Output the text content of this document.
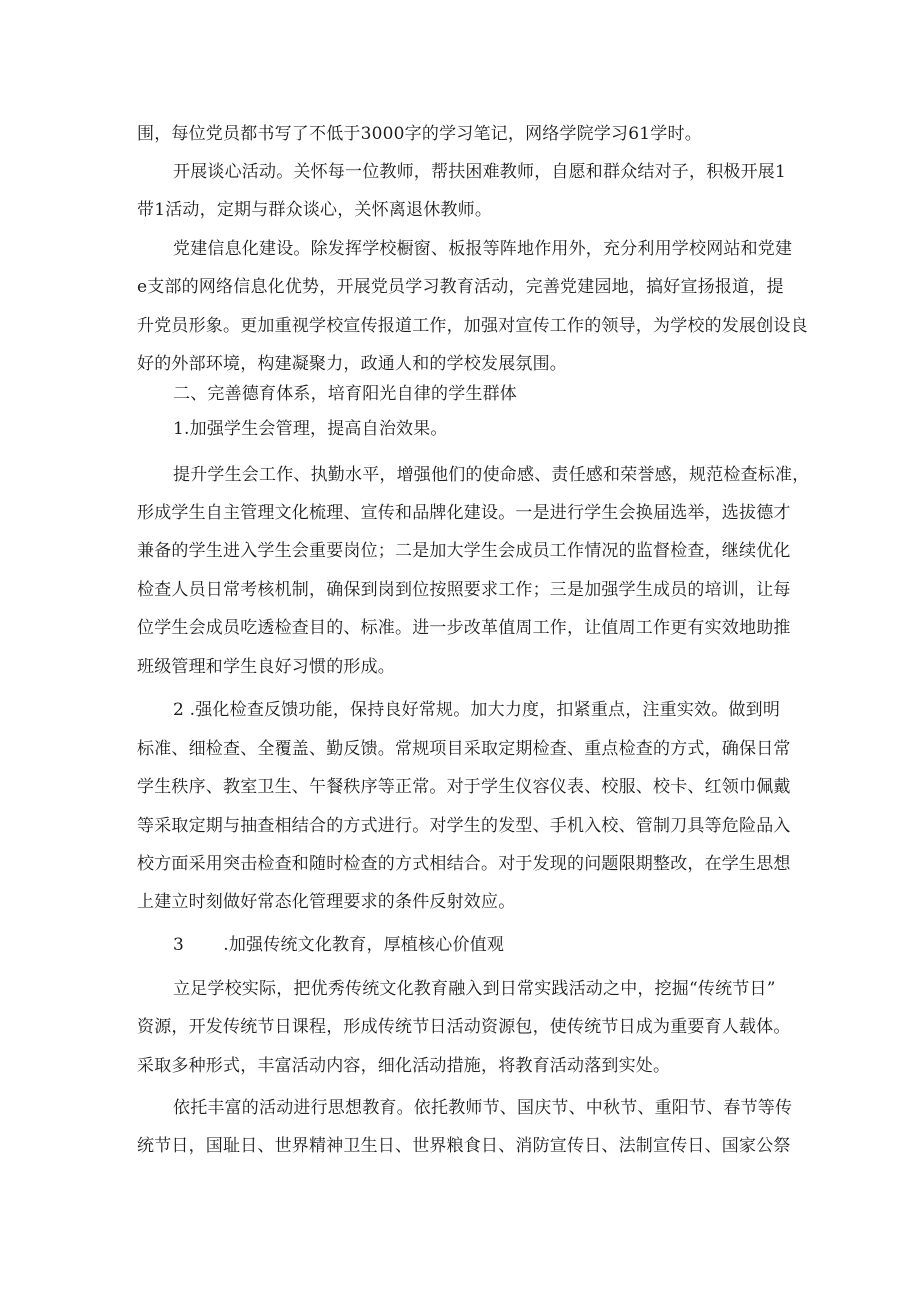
围，每位党员都书写了不低于3000字的学习笔记，网络学院学习61学时。
开展谈心活动。关怀每一位教师，帮扶困难教师，自愿和群众结对子，积极开展1
带1活动，定期与群众谈心，关怀离退休教师。
党建信息化建设。除发挥学校橱窗、板报等阵地作用外，充分利用学校网站和党建
e支部的网络信息化优势，开展党员学习教育活动，完善党建园地，搞好宣扬报道，提
升党员形象。更加重视学校宣传报道工作，加强对宣传工作的领导，为学校的发展创设良
好的外部环境，构建凝聚力，政通人和的学校发展氛围。
二、完善德育体系，培育阳光自律的学生群体
1.加强学生会管理，提高自治效果。
提升学生会工作、执勤水平，增强他们的使命感、责任感和荣誉感，规范检查标准，
形成学生自主管理文化梳理、宣传和品牌化建设。一是进行学生会换届选举，选拔德才
兼备的学生进入学生会重要岗位；二是加大学生会成员工作情况的监督检查，继续优化
检查人员日常考核机制，确保到岗到位按照要求工作；三是加强学生成员的培训，让每
位学生会成员吃透检查目的、标准。进一步改革值周工作，让值周工作更有实效地助推
班级管理和学生良好习惯的形成。
2 .强化检查反馈功能，保持良好常规。加大力度，扣紧重点，注重实效。做到明
标准、细检查、全覆盖、勤反馈。常规项目采取定期检查、重点检查的方式，确保日常
学生秩序、教室卫生、午餐秩序等正常。对于学生仪容仪表、校服、校卡、红领巾佩戴
等采取定期与抽查相结合的方式进行。对学生的发型、手机入校、管制刀具等危险品入
校方面采用突击检查和随时检查的方式相结合。对于发现的问题限期整改，在学生思想
上建立时刻做好常态化管理要求的条件反射效应。
3       .加强传统文化教育，厚植核心价值观
立足学校实际，把优秀传统文化教育融入到日常实践活动之中，挖掘“传统节日”
资源，开发传统节日课程，形成传统节日活动资源包，使传统节日成为重要育人载体。
采取多种形式，丰富活动内容，细化活动措施，将教育活动落到实处。
依托丰富的活动进行思想教育。依托教师节、国庆节、中秋节、重阳节、春节等传
统节日，国耻日、世界精神卫生日、世界粮食日、消防宣传日、法制宣传日、国家公祭
